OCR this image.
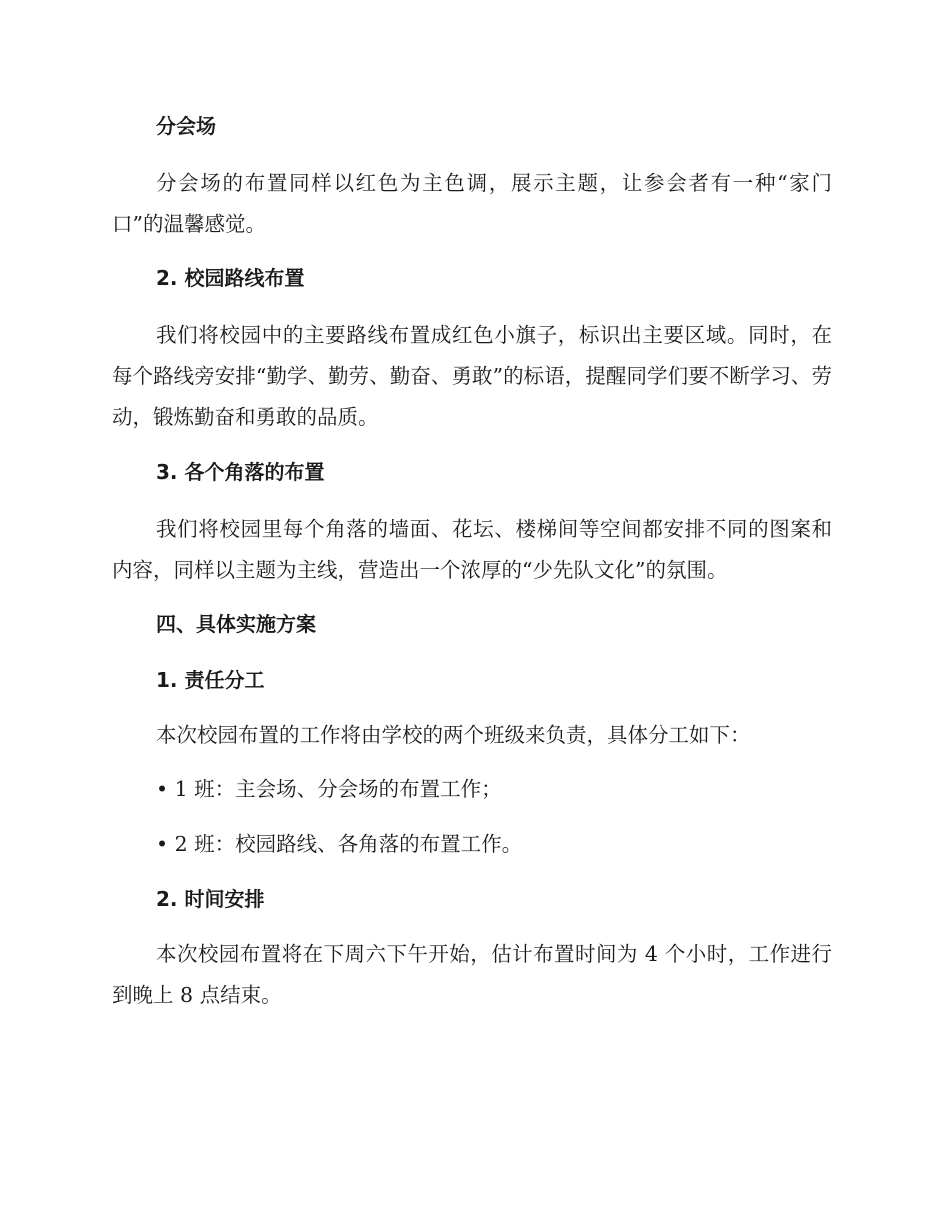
分会场

分会场的布置同样以红色为主色调，展示主题，让参会者有一种“家门口”的温馨感觉。

2. 校园路线布置

我们将校园中的主要路线布置成红色小旗子，标识出主要区域。同时，在每个路线旁安排“勤学、勤劳、勤奋、勇敢”的标语，提醒同学们要不断学习、劳动，锻炼勤奋和勇敢的品质。

3. 各个角落的布置

我们将校园里每个角落的墙面、花坛、楼梯间等空间都安排不同的图案和内容，同样以主题为主线，营造出一个浓厚的“少先队文化”的氛围。

四、具体实施方案
1. 责任分工

本次校园布置的工作将由学校的两个班级来负责，具体分工如下：

• 1 班：主会场、分会场的布置工作；

• 2 班：校园路线、各角落的布置工作。

2. 时间安排

本次校园布置将在下周六下午开始，估计布置时间为 4 个小时，工作进行到晚上 8 点结束。
